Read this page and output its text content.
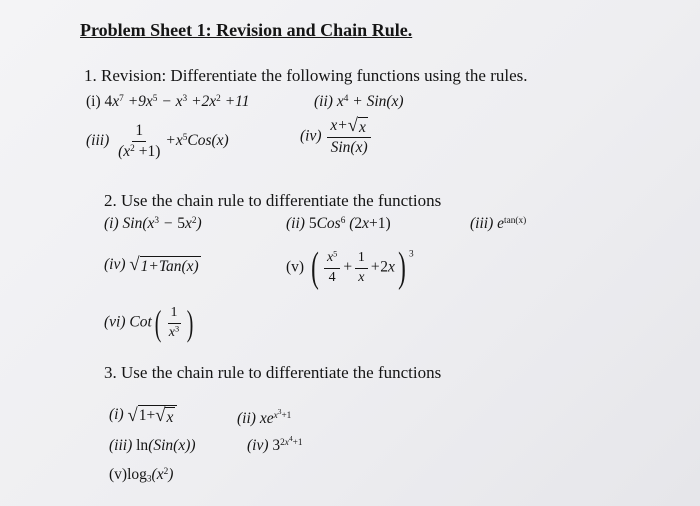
Problem Sheet 1: Revision and Chain Rule.
1. Revision: Differentiate the following functions using the rules.
(i) $4x^7 +9x^5 - x^3 +2x^2 +11$	(ii) $x^4 + Sin(x)$
$(iii) \frac{1}{(x^2 +1)} +x^5Cos(x)$	$(iv) \frac{x+ √ x}{\text{Sin(x)}}$
2. Use the chain rule to differentiate the functions
(i) $Sin(x^3 - 5x^2)$	(ii) 5Cos$^6$ (2x+1)	(iii) $e^{tan(x)}$
(iv) √ 1+Tan(x)	(v) ( $\frac{x^5}{4} + \frac{1}{x} +2x$) $^3$
(vi) $Cot( \frac{1}{x^3}$ )
3. Use the chain rule to differentiate the functions
(i) √ 1+ √ x	(ii) $xe^{x^3+1}$
(iii) ln(Sin(x))	(iv) $3^{2x^4+1}$
$(v)\log_3(x^2)$
